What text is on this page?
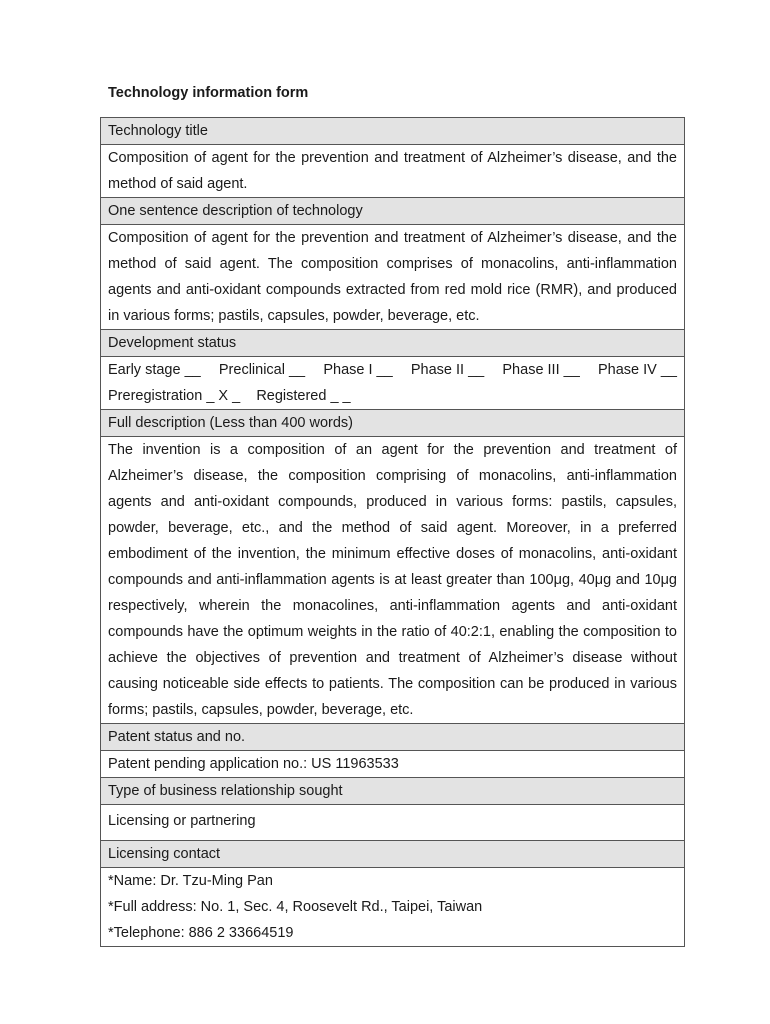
Technology information form
Technology title
Composition of agent for the prevention and treatment of Alzheimer’s disease, and the method of said agent.
One sentence description of technology
Composition of agent for the prevention and treatment of Alzheimer’s disease, and the method of said agent. The composition comprises of monacolins, anti-inflammation agents and anti-oxidant compounds extracted from red mold rice (RMR), and produced in various forms; pastils, capsules, powder, beverage, etc.
Development status

Early stage __ Preclinical __ Phase I __ Phase II __ Phase III __ Phase IV __
Preregistration _ X _ Registered _ _

Full description (Less than 400 words)
The invention is a composition of an agent for the prevention and treatment of Alzheimer’s disease, the composition comprising of monacolins, anti-inflammation agents and anti-oxidant compounds, produced in various forms: pastils, capsules, powder, beverage, etc., and the method of said agent. Moreover, in a preferred embodiment of the invention, the minimum effective doses of monacolins, anti-oxidant compounds and anti-inflammation agents is at least greater than 100μg, 40μg and 10μg respectively, wherein the monacolines, anti-inflammation agents and anti-oxidant compounds have the optimum weights in the ratio of 40:2:1, enabling the composition to achieve the objectives of prevention and treatment of Alzheimer’s disease without causing noticeable side effects to patients. The composition can be produced in various forms; pastils, capsules, powder, beverage, etc.
Patent status and no.
Patent pending application no.: US 11963533
Type of business relationship sought
Licensing or partnering
Licensing contact

*Name: Dr. Tzu-Ming Pan
*Full address: No. 1, Sec. 4, Roosevelt Rd., Taipei, Taiwan
*Telephone: 886 2 33664519
